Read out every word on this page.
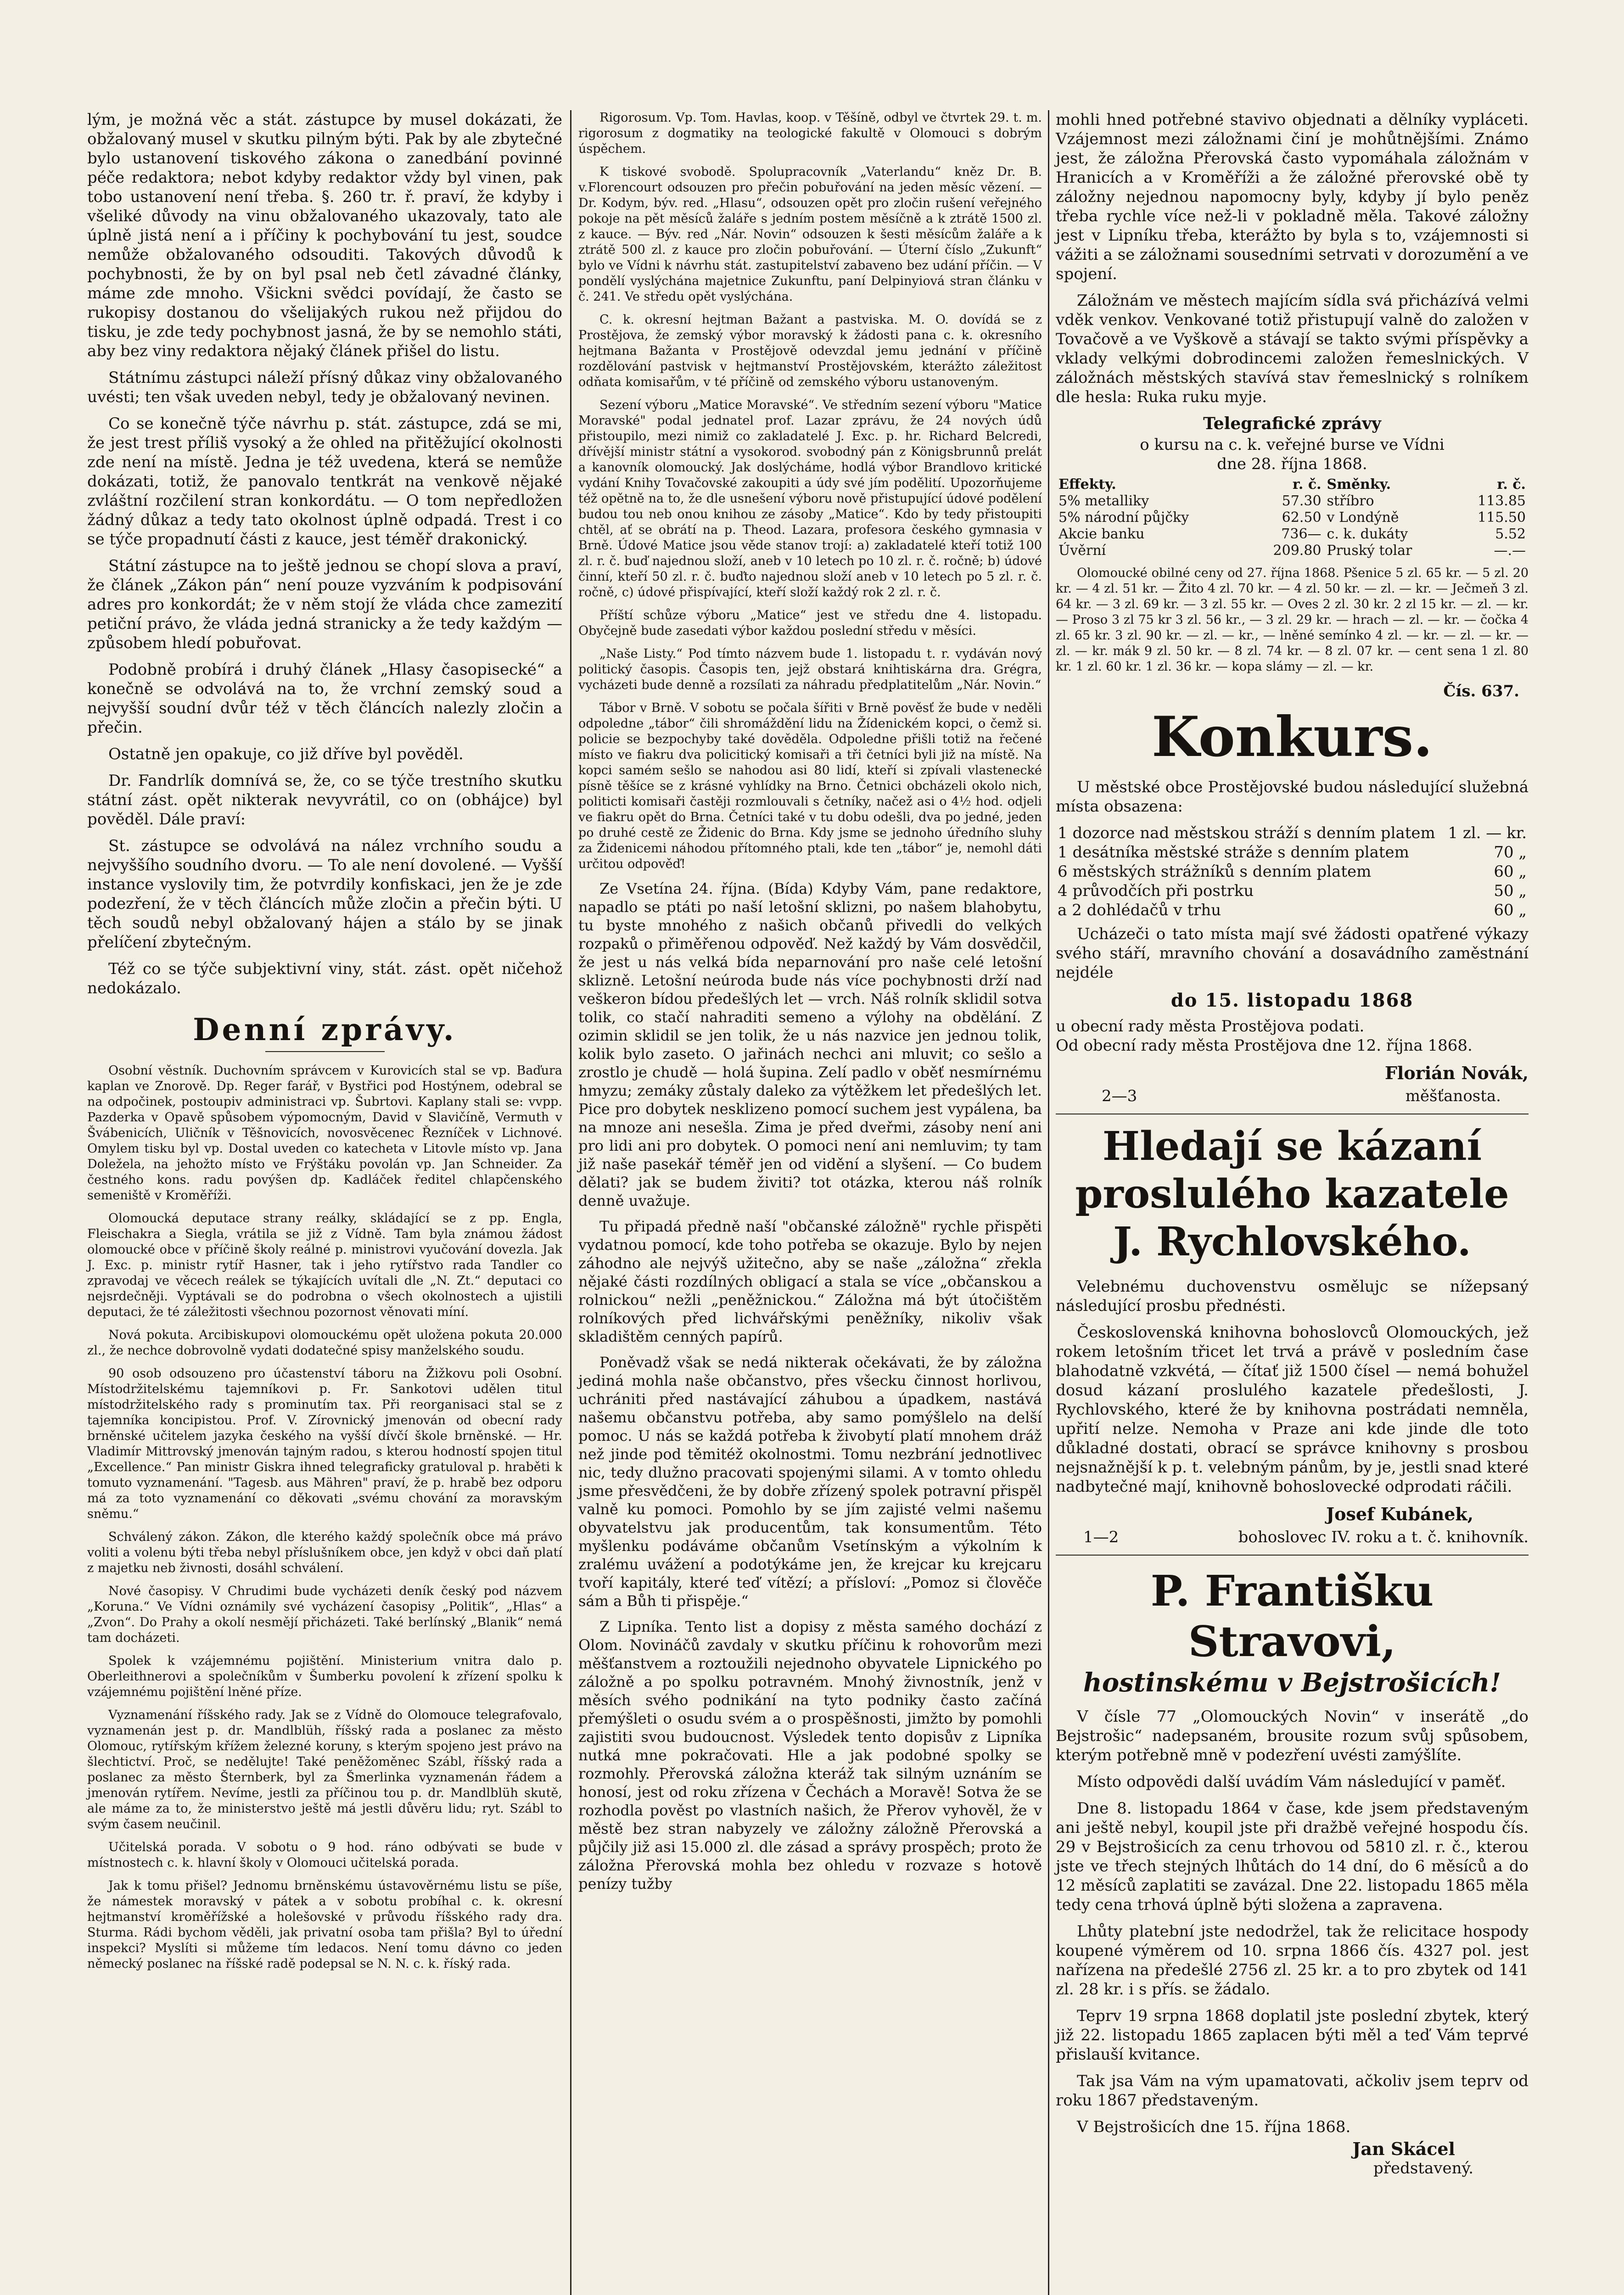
lým, je možná věc a stát. zástupce by musel dokázati, že obžalovaný musel v skutku pilným býti. Pak by ale zbytečné bylo ustanovení tiskového zákona o zanedbání povinné péče redaktora; nebot kdyby redaktor vždy byl vinen, pak tobo ustanovení není třeba. §. 260 tr. ř. praví, že kdyby i všeliké důvody na vinu obžalovaného ukazovaly, tato ale úplně jistá není a i příčiny k pochybování tu jest, soudce nemůže obžalovaného odsouditi. Takových důvodů k pochybnosti, že by on byl psal neb četl závadné články, máme zde mnoho. Všickni svědci povídají, že často se rukopisy dostanou do všelijakých rukou než přijdou do tisku, je zde tedy pochybnost jasná, že by se nemohlo státi, aby bez viny redaktora nějaký článek přišel do listu.

Státnímu zástupci náleží přísný důkaz viny obžalovaného uvésti; ten však uveden nebyl, tedy je obžalovaný nevinen.

Co se konečně týče návrhu p. stát. zástupce, zdá se mi, že jest trest příliš vysoký a že ohled na přitěžující okolnosti zde není na místě. Jedna je též uvedena, která se nemůže dokázati, totiž, že panovalo tentkrát na venkově nějaké zvláštní rozčilení stran konkordátu. — O tom nepředložen žádný důkaz a tedy tato okolnost úplně odpadá. Trest i co se týče propadnutí části z kauce, jest téměř drakonický.

Státní zástupce na to ještě jednou se chopí slova a praví, že článek „Zákon pán“ není pouze vyzváním k podpisování adres pro konkordát; že v něm stojí že vláda chce zamezití petiční právo, že vláda jedná stranicky a že tedy každým — způsobem hledí pobuřovat.

Podobně probírá i druhý článek „Hlasy časopisecké“ a konečně se odvolává na to, že vrchní zemský soud a nejvyšší soudní dvůr též v těch článcích nalezly zločin a přečin.

Ostatně jen opakuje, co již dříve byl pověděl.

Dr. Fandrlík domnívá se, že, co se týče trestního skutku státní zást. opět nikterak nevyvrátil, co on (obhájce) byl pověděl. Dále praví:

St. zástupce se odvolává na nález vrchního soudu a nejvyššího soudního dvoru. — To ale není dovolené. — Vyšší instance vyslovily tim, že potvrdily konfiskaci, jen že je zde podezření, že v těch článcích může zločin a přečin býti. U těch soudů nebyl obžalovaný hájen a stálo by se jinak přelíčení zbytečným.

Též co se týče subjektivní viny, stát. zást. opět ničehož nedokázalo.

Denní zprávy.

Osobní věstník. Duchovním správcem v Kurovicích stal se vp. Baďura kaplan ve Znorově. Dp. Reger farář, v Bystřici pod Hostýnem, odebral se na odpočinek, postoupiv administraci vp. Šubrtovi. Kaplany stali se: vvpp. Pazderka v Opavě spůsobem výpomocným, David v Slavičíně, Vermuth v Švábenicích, Uličník v Těšnovicích, novosvěcenec Řezníček v Lichnové. Omylem tisku byl vp. Dostal uveden co katecheta v Litovle místo vp. Jana Doležela, na jehožto místo ve Frýštáku povolán vp. Jan Schneider. Za čestného kons. radu povýšen dp. Kadláček ředitel chlapčenského semeniště v Kroměříži.

Olomoucká deputace strany reálky, skládající se z pp. Engla, Fleischakra a Siegla, vrátila se již z Vídně. Tam byla známou žádost olomoucké obce v příčině školy reálné p. ministrovi vyučování dovezla. Jak J. Exc. p. ministr rytíř Hasner, tak i jeho rytířstvo rada Tandler co zpravodaj ve věcech reálek se týkajících uvítali dle „N. Zt.“ deputaci co nejsrdečněji. Vyptávali se do podrobna o všech okolnostech a ujistili deputaci, že té záležitosti všechnou pozornost věnovati míní.

Nová pokuta. Arcibiskupovi olomouckému opět uložena pokuta 20.000 zl., že nechce dobrovolně vydati dodatečné spisy manželského soudu.

90 osob odsouzeno pro účastenství táboru na Žižkovu poli Osobní. Místodržitelskému tajemníkovi p. Fr. Sankotovi udělen titul místodržitelského rady s prominutím tax. Při reorganisaci stal se z tajemníka koncipistou. Prof. V. Zírovnický jmenován od obecní rady brněnské učitelem jazyka českého na vyšší dívčí škole brněnské. — Hr. Vladimír Mittrovský jmenován tajným radou, s kterou hodností spojen titul „Excellence.“ Pan ministr Giskra ihned telegraficky gratuloval p. hraběti k tomuto vyznamenání. "Tagesb. aus Mähren" praví, že p. hrabě bez odporu má za toto vyznamenání co děkovati „svému chování za moravským sněmu.“

Schválený zákon. Zákon, dle kterého každý společník obce má právo voliti a volenu býti třeba nebyl příslušníkem obce, jen když v obci daň platí z majetku neb živnosti, dosáhl schválení.

Nové časopisy. V Chrudimi bude vycházeti deník český pod názvem „Koruna.“ Ve Vídni oznámily své vycházení časopisy „Politik“, „Hlas“ a „Zvon“. Do Prahy a okolí nesmějí přicházeti. Také berlínský „Blanik“ nemá tam docházeti.

Spolek k vzájemnému pojištění. Ministerium vnitra dalo p. Oberleithnerovi a společníkům v Šumberku povolení k zřízení spolku k vzájemnému pojištění lněné příze.

Vyznamenání říšského rady. Jak se z Vídně do Olomouce telegrafovalo, vyznamenán jest p. dr. Mandlblüh, říšský rada a poslanec za město Olomouc, rytířským křížem železné koruny, s kterým spojeno jest právo na šlechtictví. Proč, se nedělujte! Také peněžoměnec Szábl, říšský rada a poslanec za město Šternberk, byl za Šmerlinka vyznamenán řádem a jmenován rytířem. Nevíme, jestli za příčinou tou p. dr. Mandlblüh skutě, ale máme za to, že ministerstvo ještě má jestli důvěru lidu; ryt. Szábl to svým časem neučinil.

Učitelská porada. V sobotu o 9 hod. ráno odbývati se bude v místnostech c. k. hlavní školy v Olomouci učitelská porada.

Jak k tomu přišel? Jednomu brněnskému ústavověrnému listu se píše, že námestek moravský v pátek a v sobotu probíhal c. k. okresní hejtmanství kroměřížské a holešovské v průvodu říšského rady dra. Sturma. Rádi bychom věděli, jak privatní osoba tam přišla? Byl to úřední inspekci? Myslíti si můžeme tím ledacos. Není tomu dávno co jeden německý poslanec na říšské radě podepsal se N. N. c. k. říský rada.

Rigorosum. Vp. Tom. Havlas, koop. v Těšíně, odbyl ve čtvrtek 29. t. m. rigorosum z dogmatiky na teologické fakultě v Olomouci s dobrým úspěchem.

K tiskové svobodě. Spolupracovník „Vaterlandu“ kněz Dr. B. v.Florencourt odsouzen pro přečin pobuřování na jeden měsíc vězení. — Dr. Kodym, býv. red. „Hlasu“, odsouzen opět pro zločin rušení veřejného pokoje na pět měsíců žaláře s jedním postem měsíčně a k ztrátě 1500 zl. z kauce. — Býv. red „Nár. Novin“ odsouzen k šesti měsícům žaláře a k ztrátě 500 zl. z kauce pro zločin pobuřování. — Úterní číslo „Zukunft“ bylo ve Vídni k návrhu stát. zastupitelství zabaveno bez udání příčin. — V pondělí vyslýchána majetnice Zukunftu, paní Delpinyiová stran článku v č. 241. Ve středu opět vyslýchána.

C. k. okresní hejtman Bažant a pastviska. M. O. dovídá se z Prostějova, že zemský výbor moravský k žádosti pana c. k. okresního hejtmana Bažanta v Prostějově odevzdal jemu jednání v příčině rozdělování pastvisk v hejtmanství Prostějovském, kterážto záležitost odňata komisařům, v té příčině od zemského výboru ustanoveným.

Sezení výboru „Matice Moravské“. Ve středním sezení výboru "Matice Moravské" podal jednatel prof. Lazar zprávu, že 24 nových údů přistoupilo, mezi nimiž co zakladatelé J. Exc. p. hr. Richard Belcredi, dřívější ministr státní a vysokorod. svobodný pán z Königsbrunnů prelát a kanovník olomoucký. Jak doslýcháme, hodlá výbor Brandlovo kritické vydání Knihy Tovačovské zakoupiti a údy své jím podělití. Upozorňujeme též opětně na to, že dle usnešení výboru nově přistupující údové podělení budou tou neb onou knihou ze zásoby „Matice“. Kdo by tedy přistoupiti chtěl, ať se obrátí na p. Theod. Lazara, profesora českého gymnasia v Brně. Údové Matice jsou věde stanov trojí: a) zakladatelé kteří totiž 100 zl. r. č. buď najednou složí, aneb v 10 letech po 10 zl. r. č. ročně; b) údové činní, kteří 50 zl. r. č. buďto najednou složí aneb v 10 letech po 5 zl. r. č. ročně, c) údové přispívající, kteří složí každý rok 2 zl. r. č.

Příští schůze výboru „Matice“ jest ve středu dne 4. listopadu. Obyčejně bude zasedati výbor každou poslední středu v měsíci.

„Naše Listy.“ Pod tímto názvem bude 1. listopadu t. r. vydáván nový politický časopis. Časopis ten, jejž obstará knihtiskárna dra. Grégra, vycházeti bude denně a rozsílati za náhradu předplatitelům „Nár. Novin.“

Tábor v Brně. V sobotu se počala šířiti v Brně pověsť že bude v neděli odpoledne „tábor“ čili shromáždění lidu na Žídenickém kopci, o čemž si. policie se bezpochyby také dověděla. Odpoledne přišli totiž na řečené místo ve fiakru dva policitický komisaři a tři četníci byli již na místě. Na kopci samém sešlo se nahodou asi 80 lidí, kteří si zpívali vlastenecké písně těšíce se z krásné vyhlídky na Brno. Četnici obcházeli okolo nich, politicti komisaři častěji rozmlouvali s četníky, načež asi o 4½ hod. odjeli ve fiakru opět do Brna. Četníci také v tu dobu odešli, dva po jedné, jeden po druhé cestě ze Židenic do Brna. Kdy jsme se jednoho úředního sluhy za Židenicemi náhodou přítomného ptali, kde ten „tábor“ je, nemohl dáti určitou odpověď!

Ze Vsetína 24. října. (Bída) Kdyby Vám, pane redaktore, napadlo se ptáti po naší letošní sklizni, po našem blahobytu, tu byste mnohého z našich občanů přivedli do velkých rozpaků o přiměřenou odpověď. Než každý by Vám dosvědčil, že jest u nás velká bída neparnování pro naše celé letošní sklizně. Letošní neúroda bude nás více pochybnosti drží nad veškeron bídou předešlých let — vrch. Náš rolník sklidil sotva tolik, co stačí nahraditi semeno a výlohy na obdělání. Z ozimin sklidil se jen tolik, že u nás nazvice jen jednou tolik, kolik bylo zaseto. O jařinách nechci ani mluvit; co sešlo a zrostlo je chudě — holá šupina. Zelí padlo v oběť nesmírnému hmyzu; zemáky zůstaly daleko za výtěžkem let předešlých let. Pice pro dobytek nesklizeno pomocí suchem jest vypálena, ba na mnoze ani nesešla. Zima je před dveřmi, zásoby není ani pro lidi ani pro dobytek. O pomoci není ani nemluvim; ty tam již naše pasekář téměř jen od vidění a slyšení. — Co budem dělati? jak se budem živiti? tot otázka, kterou náš rolník denně uvažuje.

Tu připadá předně naší "občanské záložně" rychle přispěti vydatnou pomocí, kde toho potřeba se okazuje. Bylo by nejen záhodno ale nejvýš užitečno, aby se naše „záložna“ zřekla nějaké části rozdílných obligací a stala se více „občanskou a rolnickou“ nežli „peněžnickou.“ Záložna má být útočištěm rolníkových před lichvářskými peněžníky, nikoliv však skladištěm cenných papírů.

Poněvadž však se nedá nikterak očekávati, že by záložna jediná mohla naše občanstvo, přes všecku činnost horlivou, uchrániti před nastávající záhubou a úpadkem, nastává našemu občanstvu potřeba, aby samo pomýšlelo na delší pomoc. U nás se každá potřeba k živobytí platí mnohem dráž než jinde pod těmitéž okolnostmi. Tomu nezbrání jednotlivec nic, tedy dlužno pracovati spojenými silami. A v tomto ohledu jsme přesvědčeni, že by dobře zřízený spolek potravní přispěl valně ku pomoci. Pomohlo by se jím zajisté velmi našemu obyvatelstvu jak producentům, tak konsumentům. Této myšlenku podáváme občanům Vsetínským a výkolním k zralému uvážení a podotýkáme jen, že krejcar ku krejcaru tvoří kapitály, které teď vítězí; a přísloví: „Pomoz si člověče sám a Bůh ti přispěje.“

Z Lipníka. Tento list a dopisy z města samého dochází z Olom. Novináčů zavdaly v skutku příčinu k rohovorům mezi měšťanstvem a roztoužili nejednoho obyvatele Lipnického po záložně a po spolku potravném. Mnohý živnostník, jenž v měsích svého podnikání na tyto podniky často začíná přemýšleti o osudu svém a o prospěšnosti, jimžto by pomohli zajistiti svou budoucnost. Výsledek tento dopisův z Lipníka nutká mne pokračovati. Hle a jak podobné spolky se rozmohly. Přerovská záložna kteráž tak silným uznáním se honosí, jest od roku zřízena v Čechách a Moravě! Sotva že se rozhodla pověst po vlastních našich, že Přerov vyhověl, že v městě bez stran nabyzely ve záložny záložně Přerovská a půjčily již asi 15.000 zl. dle zásad a správy prospěch; proto že záložna Přerovská mohla bez ohledu v rozvaze s hotově penízy tužby

mohli hned potřebné stavivo objednati a dělníky vypláceti. Vzájemnost mezi záložnami činí je mohůtnějšími. Známo jest, že záložna Přerovská často vypomáhala záložnám v Hranicích a v Kroměříži a že záložné přerovské obě ty záložny nejednou napomocny byly, kdyby jí bylo peněz třeba rychle více než-li v pokladně měla. Takové záložny jest v Lipníku třeba, kterážto by byla s to, vzájemnosti si vážiti a se záložnami sousedními setrvati v dorozumění a ve spojení.

Záložnám ve městech majícím sídla svá přicházívá velmi vděk venkov. Venkované totiž přistupují valně do založen v Tovačově a ve Vyškově a stávají se takto svými příspěvky a vklady velkými dobrodincemi založen řemeslnických. V záložnách městských stavívá stav řemeslnický s rolníkem dle hesla: Ruka ruku myje.

Telegrafické zprávy

o kursu na c. k. veřejné burse ve Vídni

dne 28. října 1868.

Effekty.	r. č.	Směnky.	r. č.
5% metalliky	57.30	stříbro	113.85
5% národní půjčky	62.50	v Londýně	115.50
Akcie banku	736—	c. k. dukáty	5.52
Úvěrní	209.80	Pruský tolar	—.—

Olomoucké obilné ceny od 27. října 1868. Pšenice 5 zl. 65 kr. — 5 zl. 20 kr. — 4 zl. 51 kr. — Žito 4 zl. 70 kr. — 4 zl. 50 kr. — zl. — kr. — Ječmeň 3 zl. 64 kr. — 3 zl. 69 kr. — 3 zl. 55 kr. — Oves 2 zl. 30 kr. 2 zl 15 kr. — zl. — kr. — Proso 3 zl 75 kr 3 zl. 56 kr., — 3 zl. 29 kr. — hrach — zl. — kr. — čočka 4 zl. 65 kr. 3 zl. 90 kr. — zl. — kr., — lněné semínko 4 zl. — kr. — zl. — kr. — zl. — kr. mák 9 zl. 50 kr. — 8 zl. 74 kr. — 8 zl. 07 kr. — cent sena 1 zl. 80 kr. 1 zl. 60 kr. 1 zl. 36 kr. — kopa slámy — zl. — kr.

Čís. 637.
Konkurs.

U městské obce Prostějovské budou následující služebná místa obsazena:

1 dozorce nad městskou stráží s denním platem	1 zl. — kr.
1 desátníka městské stráže s denním platem	70 „
6 městských strážníků s denním platem	60 „
4 průvodčích při postrku	50 „
a 2 dohlédačů v trhu	60 „

Ucházeči o tato místa mají své žádosti opatřené výkazy svého stáří, mravního chování a dosavádního zaměstnání nejdéle

do 15. listopadu 1868

u obecní rady města Prostějova podati.

Od obecní rady města Prostějova dne 12. října 1868.

Florián Novák,
2—3	měšťanosta.
Hledají se kázaní proslulého kazatele J. Rychlovského.

Velebnému duchovenstvu osmělujc se nížepsaný následující prosbu přednésti.

Československá knihovna bohoslovců Olomouckých, jež rokem letošním třicet let trvá a právě v posledním čase blahodatně vzkvétá, — čítať již 1500 čísel — nemá bohužel dosud kázaní proslulého kazatele předešlosti, J. Rychlovského, které že by knihovna postrádati nemněla, upřití nelze. Nemoha v Praze ani kde jinde dle toto důkladné dostati, obrací se správce knihovny s prosbou nejsnažnější k p. t. velebným pánům, by je, jestli snad které nadbytečné mají, knihovně bohoslovecké odprodati ráčili.

Josef Kubánek,
1—2	bohoslovec IV. roku a t. č. knihovník.
P. Františku Stravovi,
hostinskému v Bejstrošicích!

V čísle 77 „Olomouckých Novin“ v inserátě „do Bejstrošic“ nadepsaném, brousite rozum svůj spůsobem, kterým potřebně mně v podezření uvésti zamýšlíte.

Místo odpovědi další uvádím Vám následující v paměť.

Dne 8. listopadu 1864 v čase, kde jsem představeným ani ještě nebyl, koupil jste při dražbě veřejné hospodu čís. 29 v Bejstrošicích za cenu trhovou od 5810 zl. r. č., kterou jste ve třech stejných lhůtách do 14 dní, do 6 měsíců a do 12 měsíců zaplatiti se zavázal. Dne 22. listopadu 1865 měla tedy cena trhová úplně býti složena a zapravena.

Lhůty platební jste nedodržel, tak že relicitace hospody koupené výměrem od 10. srpna 1866 čís. 4327 pol. jest nařízena na předešlé 2756 zl. 25 kr. a to pro zbytek od 141 zl. 28 kr. i s přís. se žádalo.

Teprv 19 srpna 1868 doplatil jste poslední zbytek, který již 22. listopadu 1865 zaplacen býti měl a teď Vám teprvé přislauší kvitance.

Tak jsa Vám na vým upamatovati, ačkoliv jsem teprv od roku 1867 představeným.

V Bejstrošicích dne 15. října 1868.

Jan Skácel
představený.
